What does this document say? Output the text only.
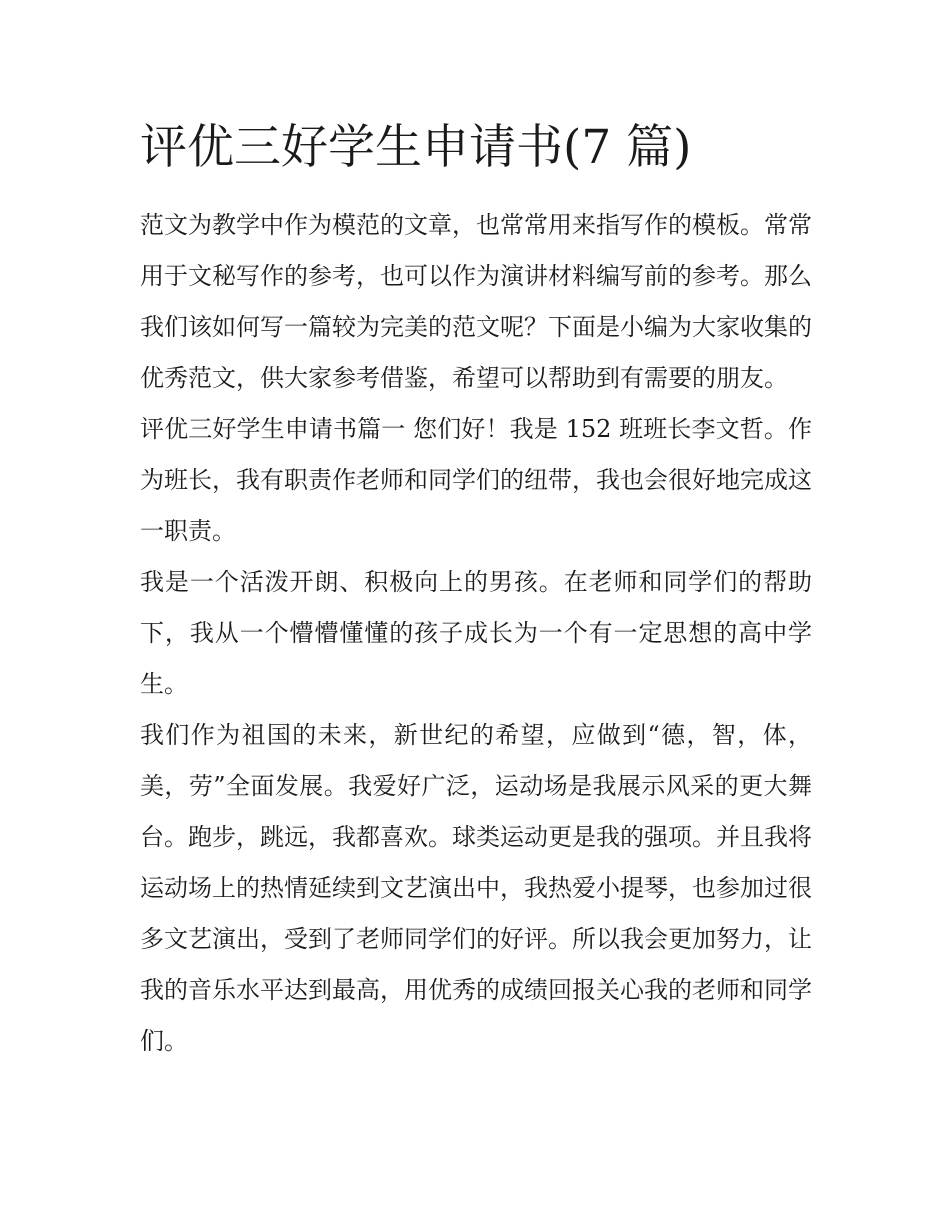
评优三好学生申请书(7 篇)

范文为教学中作为模范的文章，也常常用来指写作的模板。常常用于文秘写作的参考，也可以作为演讲材料编写前的参考。那么我们该如何写一篇较为完美的范文呢？下面是小编为大家收集的优秀范文，供大家参考借鉴，希望可以帮助到有需要的朋友。

评优三好学生申请书篇一 您们好！我是 152 班班长李文哲。作为班长，我有职责作老师和同学们的纽带，我也会很好地完成这一职责。

我是一个活泼开朗、积极向上的男孩。在老师和同学们的帮助下，我从一个懵懵懂懂的孩子成长为一个有一定思想的高中学生。

我们作为祖国的未来，新世纪的希望，应做到“德，智，体，美，劳”全面发展。我爱好广泛，运动场是我展示风采的更大舞台。跑步，跳远，我都喜欢。球类运动更是我的强项。并且我将运动场上的热情延续到文艺演出中，我热爱小提琴，也参加过很多文艺演出，受到了老师同学们的好评。所以我会更加努力，让我的音乐水平达到最高，用优秀的成绩回报关心我的老师和同学们。
